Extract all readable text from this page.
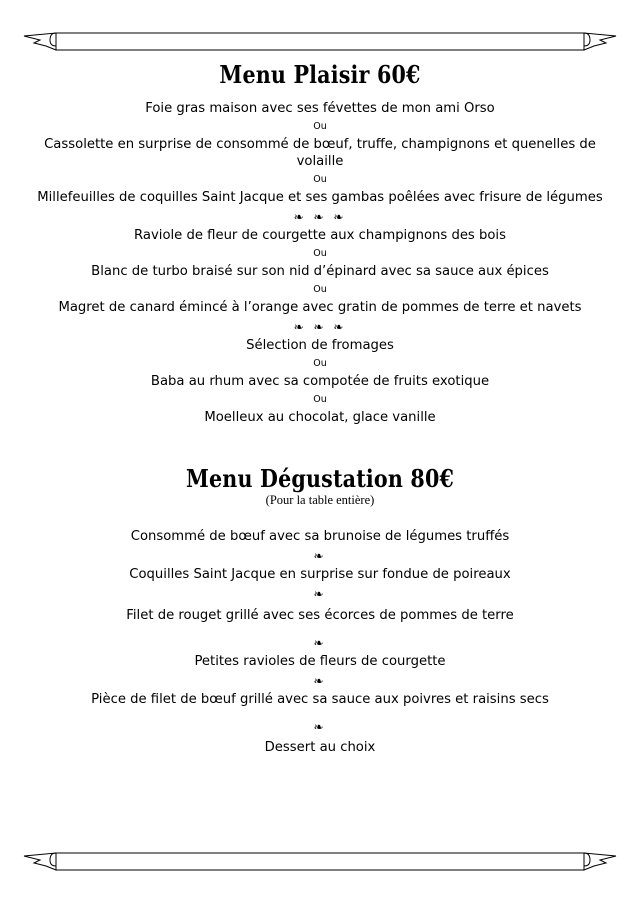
Menu Plaisir 60€
Foie gras maison avec ses févettes de mon ami Orso
Ou
Cassolette en surprise de consommé de bœuf, truffe, champignons et quenelles de volaille
Ou
Millefeuilles de coquilles Saint Jacque et ses gambas poêlées avec frisure de légumes
❧ ❧ ❧
Raviole de fleur de courgette aux champignons des bois
Ou
Blanc de turbo braisé sur son nid d’épinard avec sa sauce aux épices
Ou
Magret de canard émincé à l’orange avec gratin de pommes de terre et navets
❧ ❧ ❧
Sélection de fromages
Ou
Baba au rhum avec sa compotée de fruits exotique
Ou
Moelleux au chocolat, glace vanille
Menu Dégustation 80€
(Pour la table entière)
Consommé de bœuf avec sa brunoise de légumes truffés
❧
Coquilles Saint Jacque en surprise sur fondue de poireaux
❧
Filet de rouget grillé avec ses écorces de pommes de terre
❧
Petites ravioles de fleurs de courgette
❧
Pièce de filet de bœuf grillé avec sa sauce aux poivres et raisins secs
❧
Dessert au choix
